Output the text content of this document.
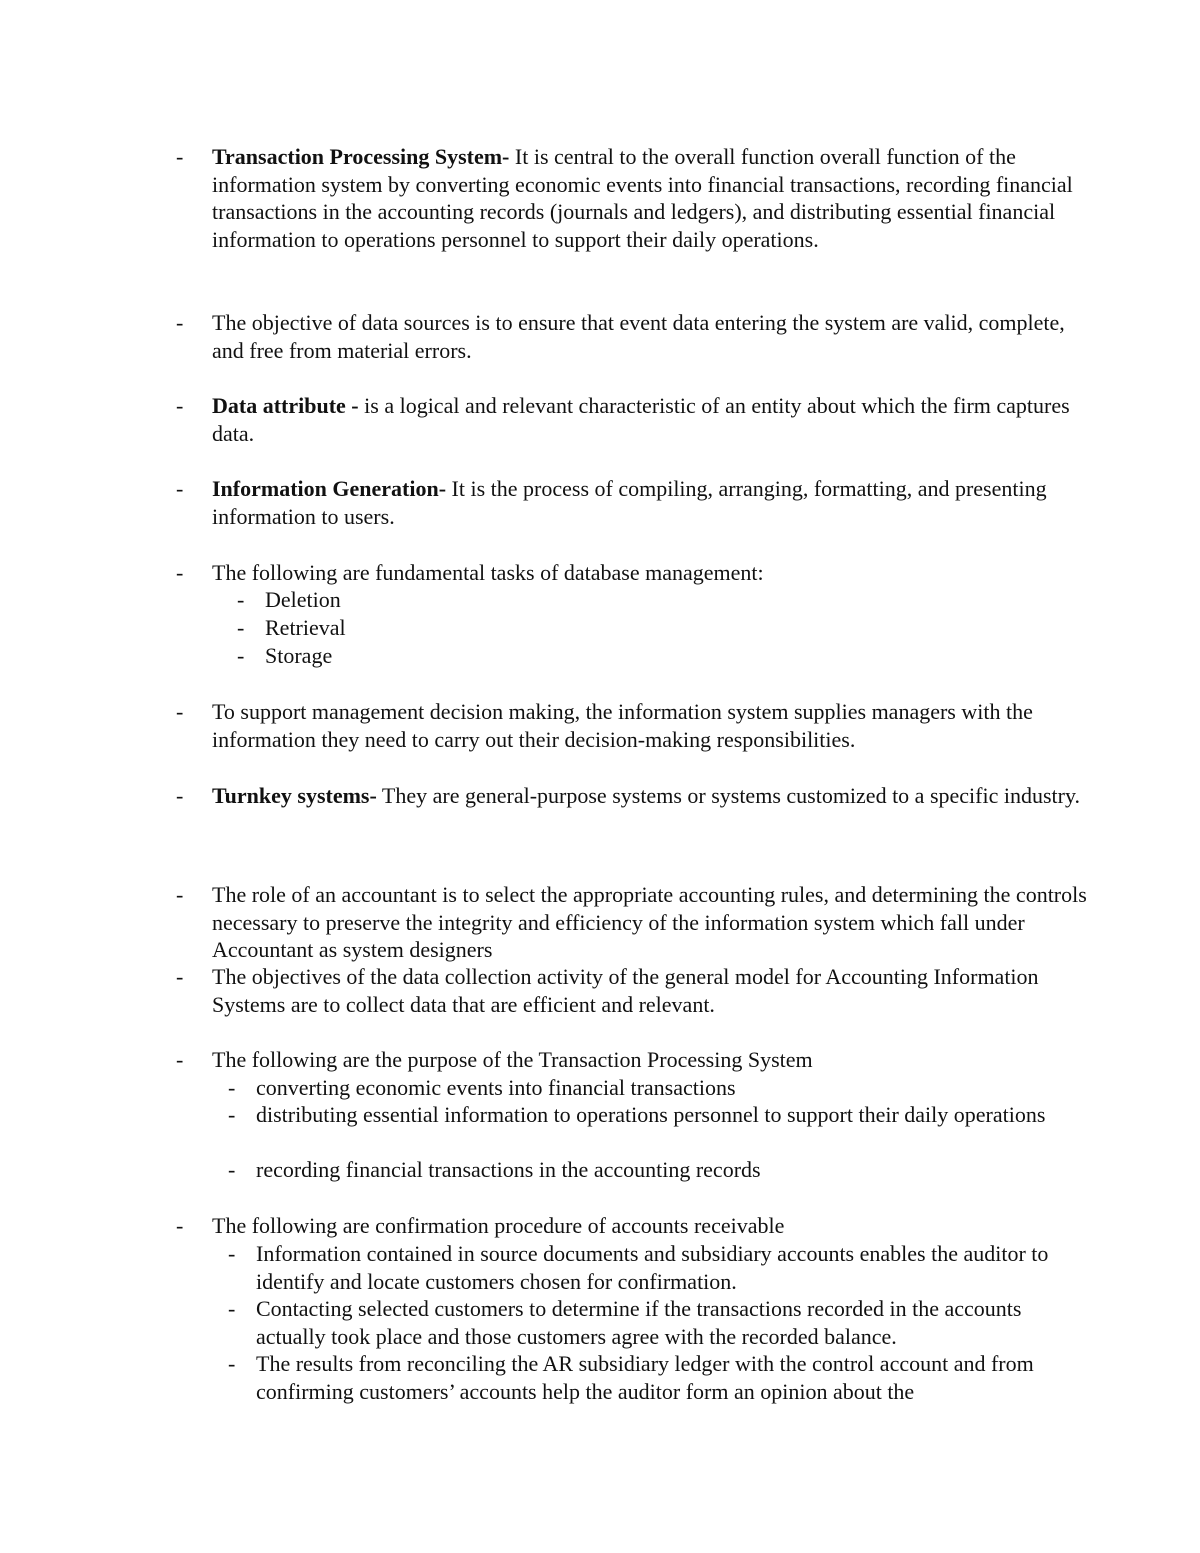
- Transaction Processing System- It is central to the overall function overall function of the information system by converting economic events into financial transactions, recording financial transactions in the accounting records (journals and ledgers), and distributing essential financial information to operations personnel to support their daily operations.

- The objective of data sources is to ensure that event data entering the system are valid, complete, and free from material errors.

- Data attribute - is a logical and relevant characteristic of an entity about which the firm captures data.

- Information Generation- It is the process of compiling, arranging, formatting, and presenting information to users.

- The following are fundamental tasks of database management:

- Deletion

- Retrieval

- Storage

- To support management decision making, the information system supplies managers with the information they need to carry out their decision-making responsibilities.

- Turnkey systems- They are general-purpose systems or systems customized to a specific industry.

- The role of an accountant is to select the appropriate accounting rules, and determining the controls necessary to preserve the integrity and efficiency of the information system which fall under Accountant as system designers

- The objectives of the data collection activity of the general model for Accounting Information Systems are to collect data that are efficient and relevant.

- The following are the purpose of the Transaction Processing System

- converting economic events into financial transactions

- distributing essential information to operations personnel to support their daily operations

- recording financial transactions in the accounting records

- The following are confirmation procedure of accounts receivable

- Information contained in source documents and subsidiary accounts enables the auditor to identify and locate customers chosen for confirmation.

- Contacting selected customers to determine if the transactions recorded in the accounts actually took place and those customers agree with the recorded balance.

- The results from reconciling the AR subsidiary ledger with the control account and from confirming customers’ accounts help the auditor form an opinion about the
